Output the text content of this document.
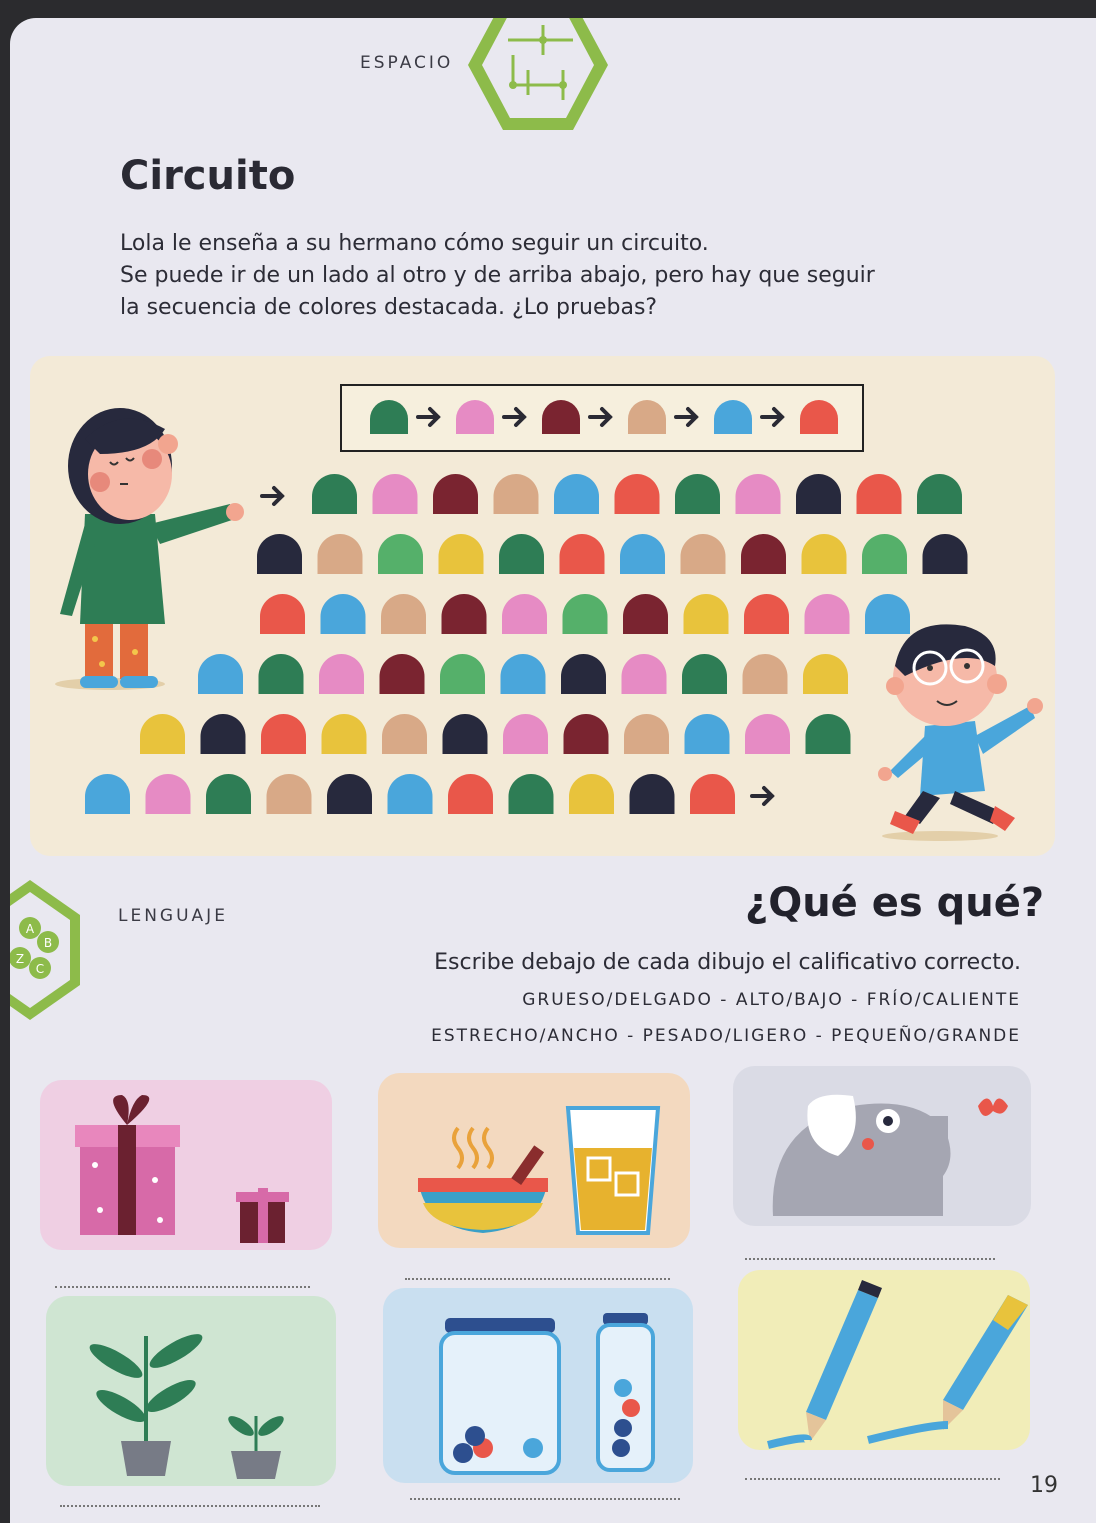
ESPACIO
Circuito

Lola le enseña a su hermano cómo seguir un circuito.

Se puede ir de un lado al otro y de arriba abajo, pero hay que seguir

la secuencia de colores destacada. ¿Lo pruebas?

A
B
Z
C
LENGUAJE	¿Qué es qué?
Escribe debajo de cada dibujo el calificativo correcto.
GRUESO/DELGADO - ALTO/BAJO - FRÍO/CALIENTE
ESTRECHO/ANCHO - PESADO/LIGERO - PEQUEÑO/GRANDE
19
